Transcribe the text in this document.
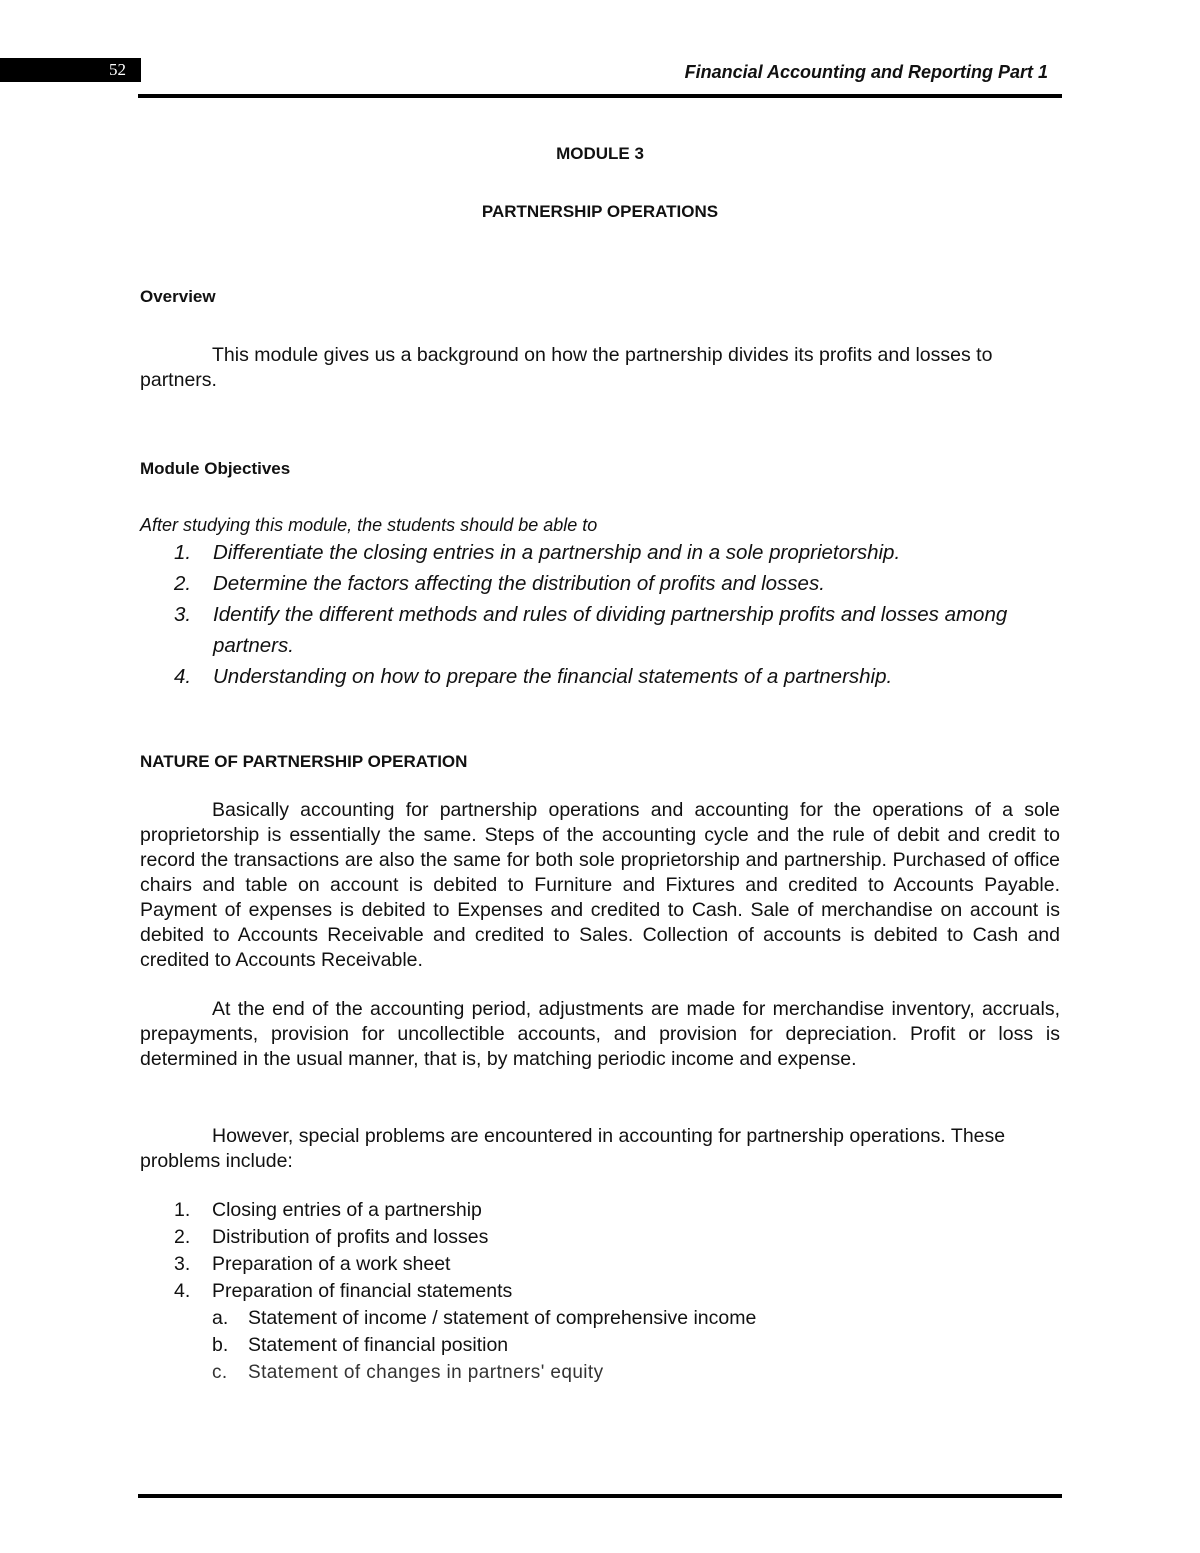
52	Financial Accounting and Reporting Part 1
MODULE 3
PARTNERSHIP OPERATIONS
Overview

This module gives us a background on how the partnership divides its profits and losses to partners.

Module Objectives
After studying this module, the students should be able to
1. Differentiate the closing entries in a partnership and in a sole proprietorship.
2. Determine the factors affecting the distribution of profits and losses.
3. Identify the different methods and rules of dividing partnership profits and losses among partners.
4. Understanding on how to prepare the financial statements of a partnership.
NATURE OF PARTNERSHIP OPERATION

Basically accounting for partnership operations and accounting for the operations of a sole proprietorship is essentially the same. Steps of the accounting cycle and the rule of debit and credit to record the transactions are also the same for both sole proprietorship and partnership. Purchased of office chairs and table on account is debited to Furniture and Fixtures and credited to Accounts Payable. Payment of expenses is debited to Expenses and credited to Cash. Sale of merchandise on account is debited to Accounts Receivable and credited to Sales. Collection of accounts is debited to Cash and credited to Accounts Receivable.

At the end of the accounting period, adjustments are made for merchandise inventory, accruals, prepayments, provision for uncollectible accounts, and provision for depreciation. Profit or loss is determined in the usual manner, that is, by matching periodic income and expense.

However, special problems are encountered in accounting for partnership operations. These problems include:

1. Closing entries of a partnership
2. Distribution of profits and losses
3. Preparation of a work sheet
4. Preparation of financial statements
a. Statement of income / statement of comprehensive income
b. Statement of financial position
c. Statement of changes in partners' equity
